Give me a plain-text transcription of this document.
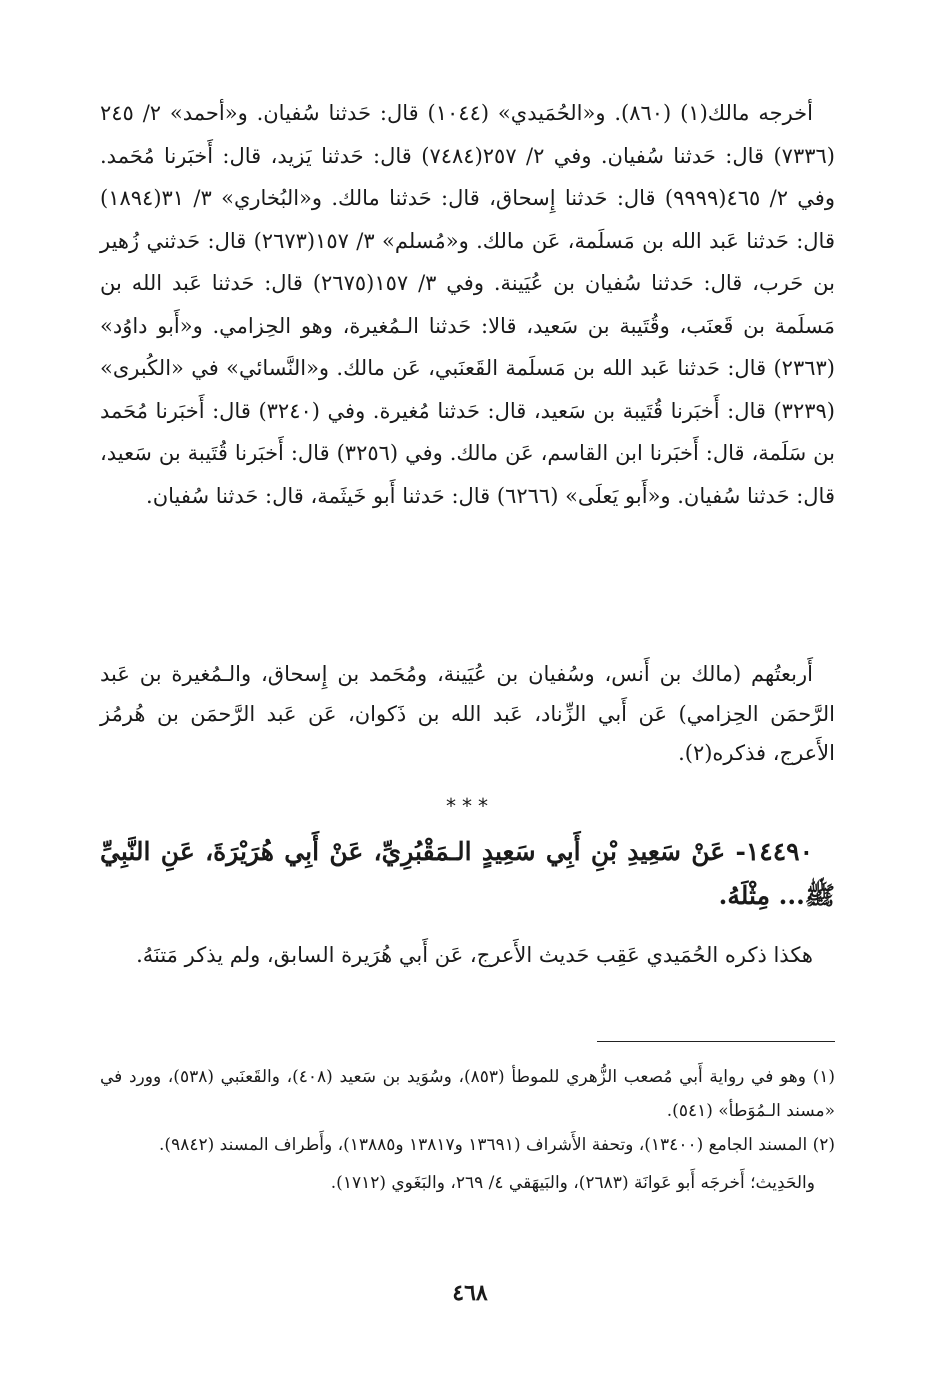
أخرجه مالك(١) (٨٦٠). و«الحُمَيدي» (١٠٤٤) قال: حَدثنا سُفيان. و«أحمد» ٢/ ٢٤٥ (٧٣٣٦) قال: حَدثنا سُفيان. وفي ٢/ ٢٥٧(٧٤٨٤) قال: حَدثنا يَزيد، قال: أَخبَرنا مُحَمد. وفي ٢/ ٤٦٥(٩٩٩٩) قال: حَدثنا إِسحاق، قال: حَدثنا مالك. و«البُخاري» ٣/ ٣١(١٨٩٤) قال: حَدثنا عَبد الله بن مَسلَمة، عَن مالك. و«مُسلم» ٣/ ١٥٧(٢٦٧٣) قال: حَدثني زُهير بن حَرب، قال: حَدثنا سُفيان بن عُيَينة. وفي ٣/ ١٥٧(٢٦٧٥) قال: حَدثنا عَبد الله بن مَسلَمة بن قَعنَب، وقُتَيبة بن سَعيد، قالا: حَدثنا الـمُغيرة، وهو الحِزامي. و«أَبو داوُد» (٢٣٦٣) قال: حَدثنا عَبد الله بن مَسلَمة القَعنَبي، عَن مالك. و«النَّسائي» في «الكُبرى» (٣٢٣٩) قال: أَخبَرنا قُتَيبة بن سَعيد، قال: حَدثنا مُغيرة. وفي (٣٢٤٠) قال: أَخبَرنا مُحَمد بن سَلَمة، قال: أَخبَرنا ابن القاسم، عَن مالك. وفي (٣٢٥٦) قال: أَخبَرنا قُتَيبة بن سَعيد، قال: حَدثنا سُفيان. و«أَبو يَعلَى» (٦٢٦٦) قال: حَدثنا أَبو خَيثَمة، قال: حَدثنا سُفيان.

أَربعتُهم (مالك بن أَنس، وسُفيان بن عُيَينة، ومُحَمد بن إِسحاق، والـمُغيرة بن عَبد الرَّحمَن الحِزامي) عَن أَبي الزِّناد، عَبد الله بن ذَكوان، عَن عَبد الرَّحمَن بن هُرمُز الأَعرج، فذكره(٢).

***

١٤٤٩٠- عَنْ سَعِيدِ بْنِ أَبِي سَعِيدٍ الـمَقْبُرِيِّ، عَنْ أَبِي هُرَيْرَةَ، عَنِ النَّبِيِّ ﷺ... مِثْلَهُ.

هكذا ذكره الحُمَيدي عَقِب حَديث الأَعرج، عَن أَبي هُرَيرة السابق، ولم يذكر مَتنَهُ.

(١) وهو في رواية أَبي مُصعب الزُّهري للموطأ (٨٥٣)، وسُوَيد بن سَعيد (٤٠٨)، والقَعنَبي (٥٣٨)، وورد في «مسند الـمُوَطأ» (٥٤١).

(٢) المسند الجامع (١٣٤٠٠)، وتحفة الأَشراف (١٣٦٩١ و١٣٨١٧ و١٣٨٨٥)، وأَطراف المسند (٩٨٤٢).

والحَدِيث؛ أَخرجَه أَبو عَوانَة (٢٦٨٣)، والبَيهَقي ٤/ ٢٦٩، والبَغَوي (١٧١٢).

٤٦٨
